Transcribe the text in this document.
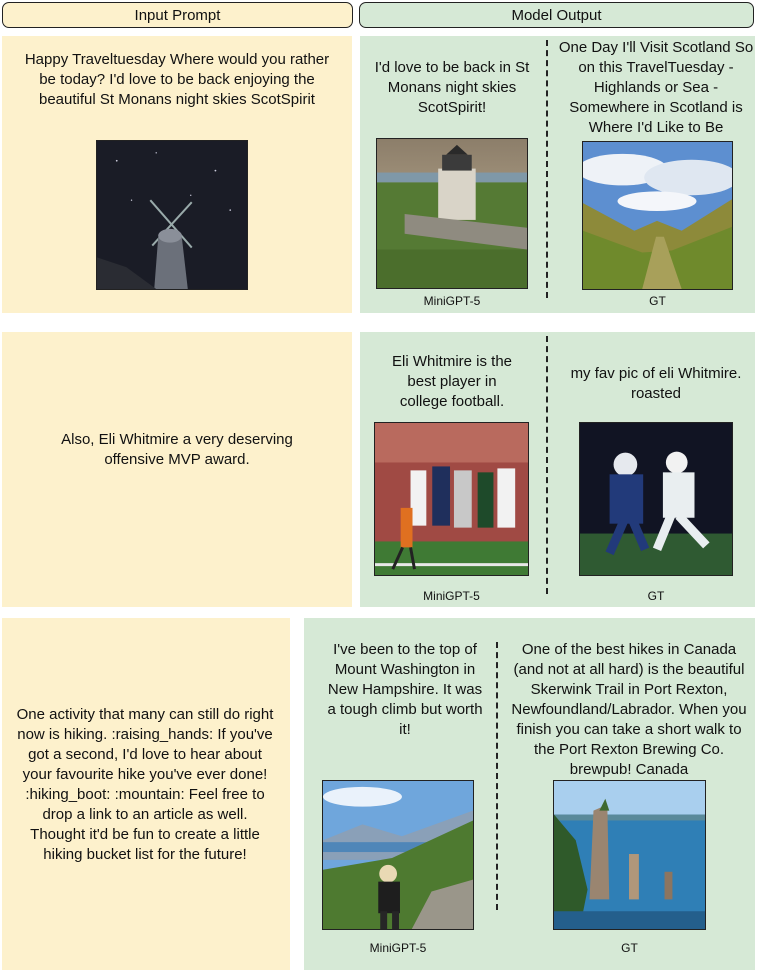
Input Prompt	Model Output
Happy Traveltuesday Where would you rather be today? I'd love to be back enjoying the beautiful St Monans night skies ScotSpirit
I'd love to be back in St Monans night skies ScotSpirit!
MiniGPT-5
One Day I'll Visit Scotland So on this TravelTuesday - Highlands or Sea - Somewhere in Scotland is Where I'd Like to Be
GT
Also, Eli Whitmire a very deserving offensive MVP award.
Eli Whitmire is the best player in college football.
MiniGPT-5
my fav pic of eli Whitmire. roasted
GT
One activity that many can still do right now is hiking. :raising_hands: If you've got a second, I'd love to hear about your favourite hike you've ever done! :hiking_boot: :mountain: Feel free to drop a link to an article as well. Thought it'd be fun to create a little hiking bucket list for the future!
I've been to the top of Mount Washington in New Hampshire. It was a tough climb but worth it!
MiniGPT-5
One of the best hikes in Canada (and not at all hard) is the beautiful Skerwink Trail in Port Rexton, Newfoundland/Labrador. When you finish you can take a short walk to the Port Rexton Brewing Co. brewpub! Canada
GT
